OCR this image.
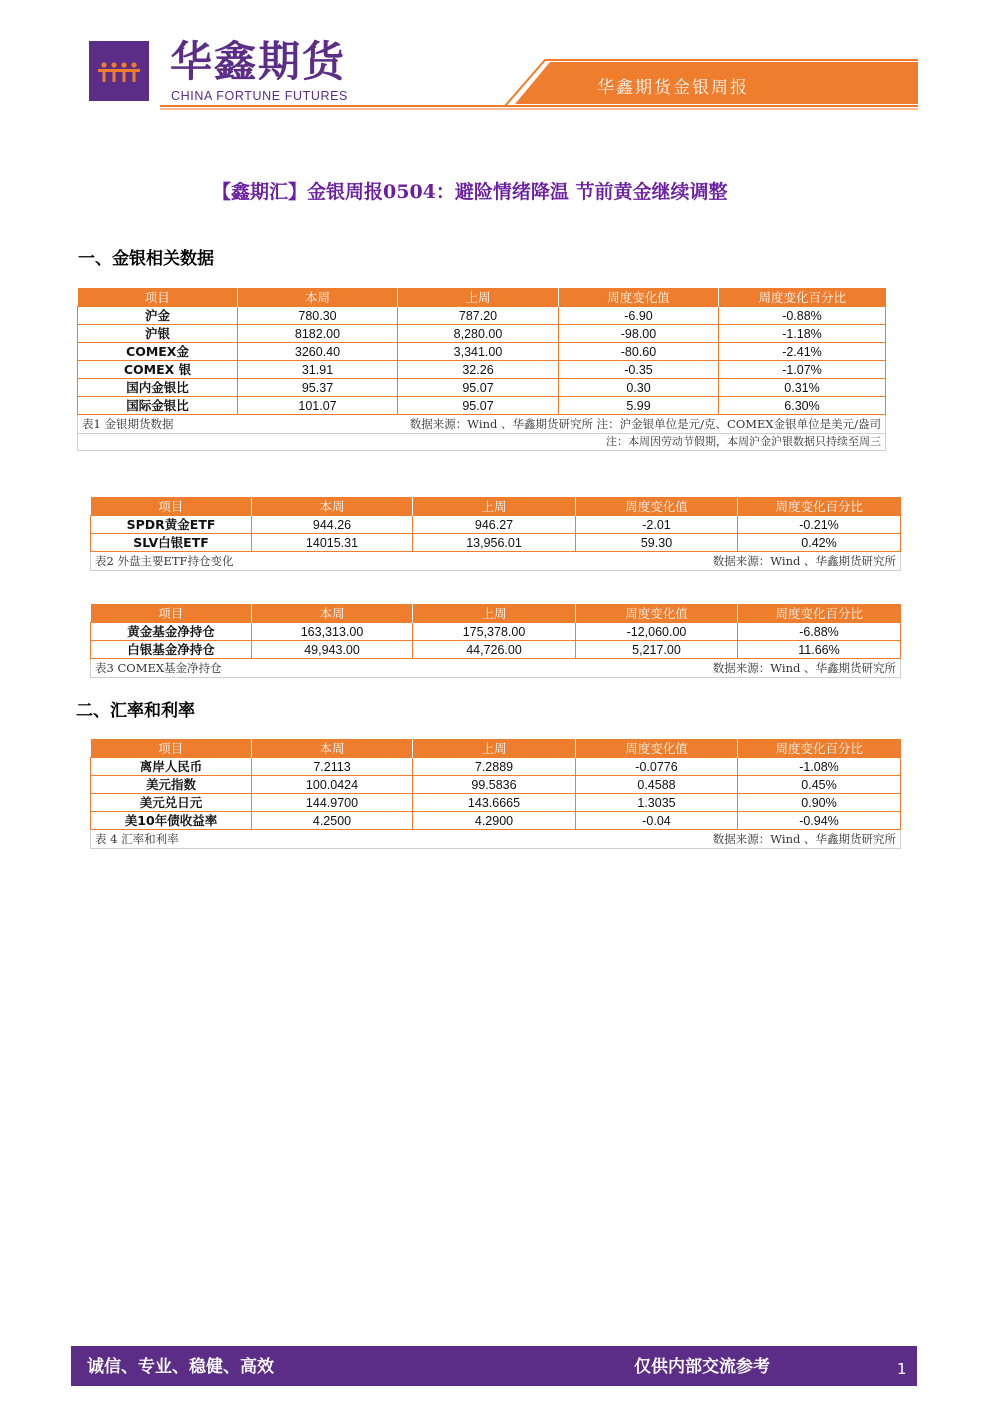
华鑫期货
CHINA FORTUNE FUTURES	华鑫期货金银周报
【鑫期汇】金银周报0504：避险情绪降温 节前黄金继续调整
一、金银相关数据
项目	本周	上周	周度变化值	周度变化百分比
沪金	780.30	787.20	-6.90	-0.88%
沪银	8182.00	8,280.00	-98.00	-1.18%
COMEX金	3260.40	3,341.00	-80.60	-2.41%
COMEX 银	31.91	32.26	-0.35	-1.07%
国内金银比	95.37	95.07	0.30	0.31%
国际金银比	101.07	95.07	5.99	6.30%

表1 金银期货数据 数据来源：Wind 、华鑫期货研究所 注：沪金银单位是元/克、COMEX金银单位是美元/盎司				

注：本周因劳动节假期，本周沪金沪银数据只持续至周三				
项目	本周	上周	周度变化值	周度变化百分比
SPDR黄金ETF	944.26	946.27	-2.01	-0.21%
SLV白银ETF	14015.31	13,956.01	59.30	0.42%

表2 外盘主要ETF持仓变化 数据来源：Wind 、华鑫期货研究所				
项目	本周	上周	周度变化值	周度变化百分比
黄金基金净持仓	163,313.00	175,378.00	-12,060.00	-6.88%
白银基金净持仓	49,943.00	44,726.00	5,217.00	11.66%

表3 COMEX基金净持仓 数据来源：Wind 、华鑫期货研究所				
二、汇率和利率
项目	本周	上周	周度变化值	周度变化百分比
离岸人民币	7.2113	7.2889	-0.0776	-1.08%
美元指数	100.0424	99.5836	0.4588	0.45%
美元兑日元	144.9700	143.6665	1.3035	0.90%
美10年债收益率	4.2500	4.2900	-0.04	-0.94%

表 4 汇率和利率 数据来源：Wind 、华鑫期货研究所				
诚信、专业、稳健、高效	仅供内部交流参考	1
